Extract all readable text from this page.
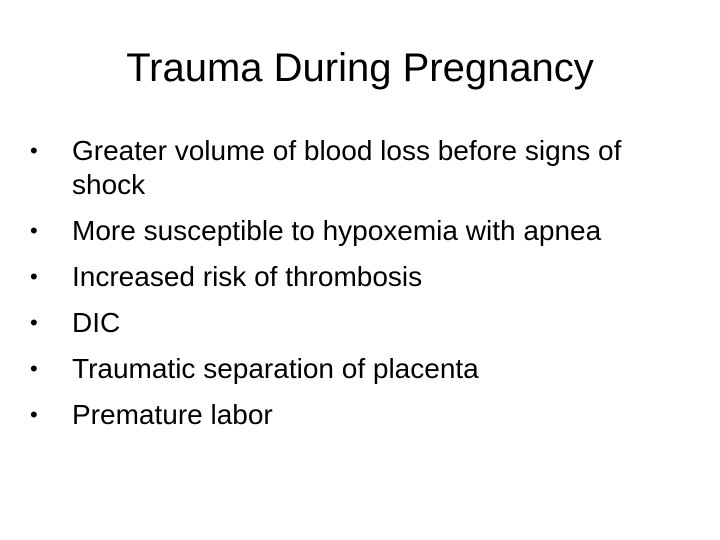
Trauma During Pregnancy
•	Greater volume of blood loss before signs of shock
•	More susceptible to hypoxemia with apnea
•	Increased risk of thrombosis
•	DIC
•	Traumatic separation of placenta
•	Premature labor
